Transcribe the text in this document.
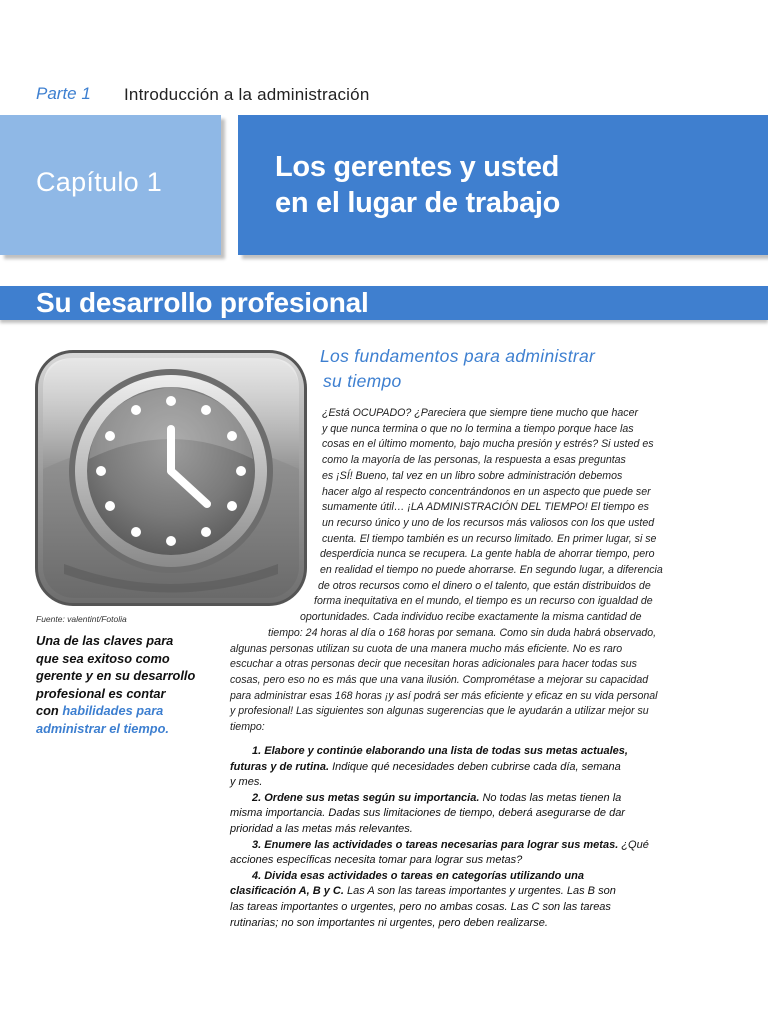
Parte 1 Introducción a la administración
Capítulo 1	Los gerentes y usted
en el lugar de trabajo
Su desarrollo profesional
Fuente: valentint/Fotolia
Una de las claves para
que sea exitoso como
gerente y en su desarrollo
profesional es contar
con habilidades para
administrar el tiempo.
Los fundamentos para administrar
su tiempo
¿Está OCUPADO? ¿Pareciera que siempre tiene mucho que hacer
y que nunca termina o que no lo termina a tiempo porque hace las
cosas en el último momento, bajo mucha presión y estrés? Si usted es
como la mayoría de las personas, la respuesta a esas preguntas
es ¡SÍ! Bueno, tal vez en un libro sobre administración debemos
hacer algo al respecto concentrándonos en un aspecto que puede ser
sumamente útil… ¡LA ADMINISTRACIÓN DEL TIEMPO! El tiempo es
un recurso único y uno de los recursos más valiosos con los que usted
cuenta. El tiempo también es un recurso limitado. En primer lugar, si se
desperdicia nunca se recupera. La gente habla de ahorrar tiempo, pero
en realidad el tiempo no puede ahorrarse. En segundo lugar, a diferencia
de otros recursos como el dinero o el talento, que están distribuidos de
forma inequitativa en el mundo, el tiempo es un recurso con igualdad de
oportunidades. Cada individuo recibe exactamente la misma cantidad de
tiempo: 24 horas al día o 168 horas por semana. Como sin duda habrá observado,
algunas personas utilizan su cuota de una manera mucho más eficiente. No es raro
escuchar a otras personas decir que necesitan horas adicionales para hacer todas sus
cosas, pero eso no es más que una vana ilusión. Comprométase a mejorar su capacidad
para administrar esas 168 horas ¡y así podrá ser más eficiente y eficaz en su vida personal
y profesional! Las siguientes son algunas sugerencias que le ayudarán a utilizar mejor su
tiempo:
1. Elabore y continúe elaborando una lista de todas sus metas actuales,
futuras y de rutina. Indique qué necesidades deben cubrirse cada día, semana
y mes.
2. Ordene sus metas según su importancia. No todas las metas tienen la
misma importancia. Dadas sus limitaciones de tiempo, deberá asegurarse de dar
prioridad a las metas más relevantes.
3. Enumere las actividades o tareas necesarias para lograr sus metas. ¿Qué
acciones específicas necesita tomar para lograr sus metas?
4. Divida esas actividades o tareas en categorías utilizando una
clasificación A, B y C. Las A son las tareas importantes y urgentes. Las B son
las tareas importantes o urgentes, pero no ambas cosas. Las C son las tareas
rutinarias; no son importantes ni urgentes, pero deben realizarse.
